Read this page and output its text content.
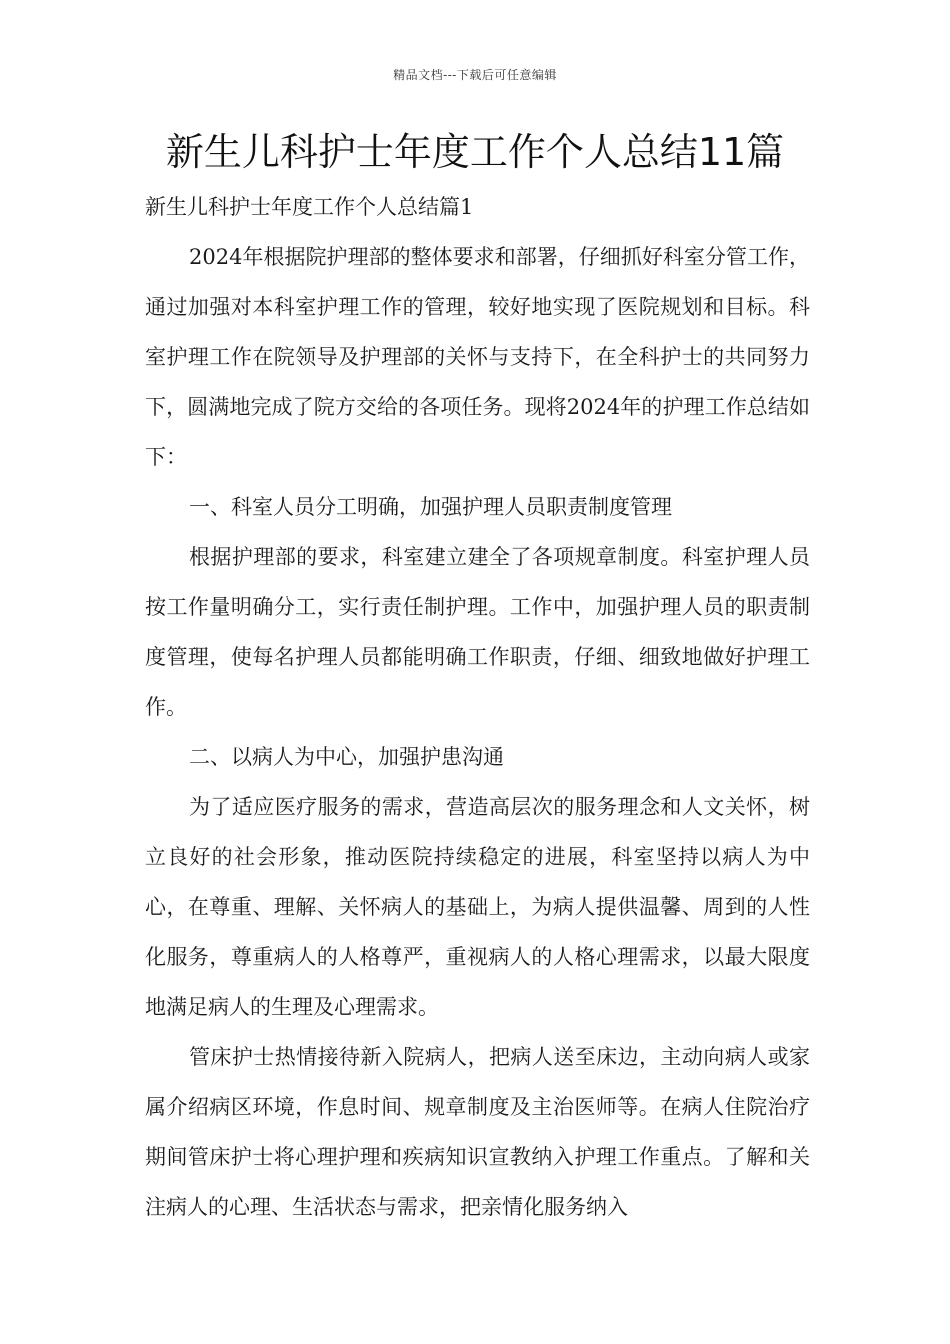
精品文档---下载后可任意编辑
新生儿科护士年度工作个人总结11篇

新生儿科护士年度工作个人总结篇1

2024年根据院护理部的整体要求和部署，仔细抓好科室分管工作，通过加强对本科室护理工作的管理，较好地实现了医院规划和目标。科室护理工作在院领导及护理部的关怀与支持下，在全科护士的共同努力下，圆满地完成了院方交给的各项任务。现将2024年的护理工作总结如下：

一、科室人员分工明确，加强护理人员职责制度管理

根据护理部的要求，科室建立建全了各项规章制度。科室护理人员按工作量明确分工，实行责任制护理。工作中，加强护理人员的职责制度管理，使每名护理人员都能明确工作职责，仔细、细致地做好护理工作。

二、以病人为中心，加强护患沟通

为了适应医疗服务的需求，营造高层次的服务理念和人文关怀，树立良好的社会形象，推动医院持续稳定的进展，科室坚持以病人为中心，在尊重、理解、关怀病人的基础上，为病人提供温馨、周到的人性化服务，尊重病人的人格尊严，重视病人的人格心理需求，以最大限度地满足病人的生理及心理需求。

管床护士热情接待新入院病人，把病人送至床边，主动向病人或家属介绍病区环境，作息时间、规章制度及主治医师等。在病人住院治疗期间管床护士将心理护理和疾病知识宣教纳入护理工作重点。了解和关注病人的心理、生活状态与需求，把亲情化服务纳入
